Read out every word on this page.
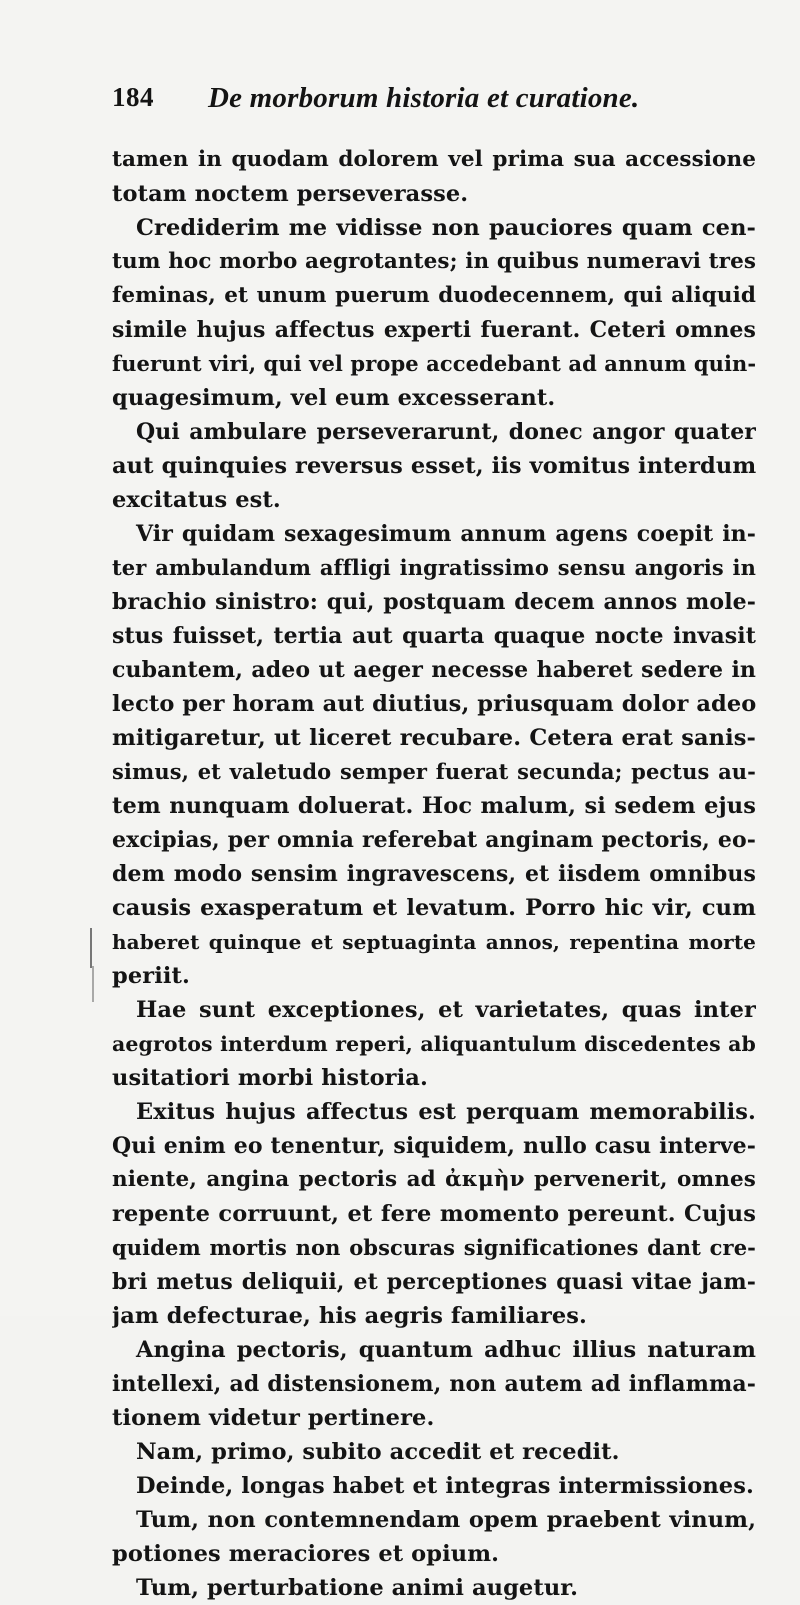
184 De morborum historia et curatione.
tamen in quodam dolorem vel prima sua accessione
totam noctem perseverasse.
Crediderim me vidisse non pauciores quam cen-
tum hoc morbo aegrotantes; in quibus numeravi tres
feminas, et unum puerum duodecennem, qui aliquid
simile hujus affectus experti fuerant. Ceteri omnes
fuerunt viri, qui vel prope accedebant ad annum quin-
quagesimum, vel eum excesserant.
Qui ambulare perseverarunt, donec angor quater
aut quinquies reversus esset, iis vomitus interdum
excitatus est.
Vir quidam sexagesimum annum agens coepit in-
ter ambulandum affligi ingratissimo sensu angoris in
brachio sinistro: qui, postquam decem annos mole-
stus fuisset, tertia aut quarta quaque nocte invasit
cubantem, adeo ut aeger necesse haberet sedere in
lecto per horam aut diutius, priusquam dolor adeo
mitigaretur, ut liceret recubare. Cetera erat sanis-
simus, et valetudo semper fuerat secunda; pectus au-
tem nunquam doluerat. Hoc malum, si sedem ejus
excipias, per omnia referebat anginam pectoris, eo-
dem modo sensim ingravescens, et iisdem omnibus
causis exasperatum et levatum. Porro hic vir, cum
haberet quinque et septuaginta annos, repentina morte
periit.
Hae sunt exceptiones, et varietates, quas inter
aegrotos interdum reperi, aliquantulum discedentes ab
usitatiori morbi historia.
Exitus hujus affectus est perquam memorabilis.
Qui enim eo tenentur, siquidem, nullo casu interve-
niente, angina pectoris ad ἀκμὴν pervenerit, omnes
repente corruunt, et fere momento pereunt. Cujus
quidem mortis non obscuras significationes dant cre-
bri metus deliquii, et perceptiones quasi vitae jam-
jam defecturae, his aegris familiares.
Angina pectoris, quantum adhuc illius naturam
intellexi, ad distensionem, non autem ad inflamma-
tionem videtur pertinere.
Nam, primo, subito accedit et recedit.
Deinde, longas habet et integras intermissiones.
Tum, non contemnendam opem praebent vinum,
potiones meraciores et opium.
Tum, perturbatione animi augetur.
